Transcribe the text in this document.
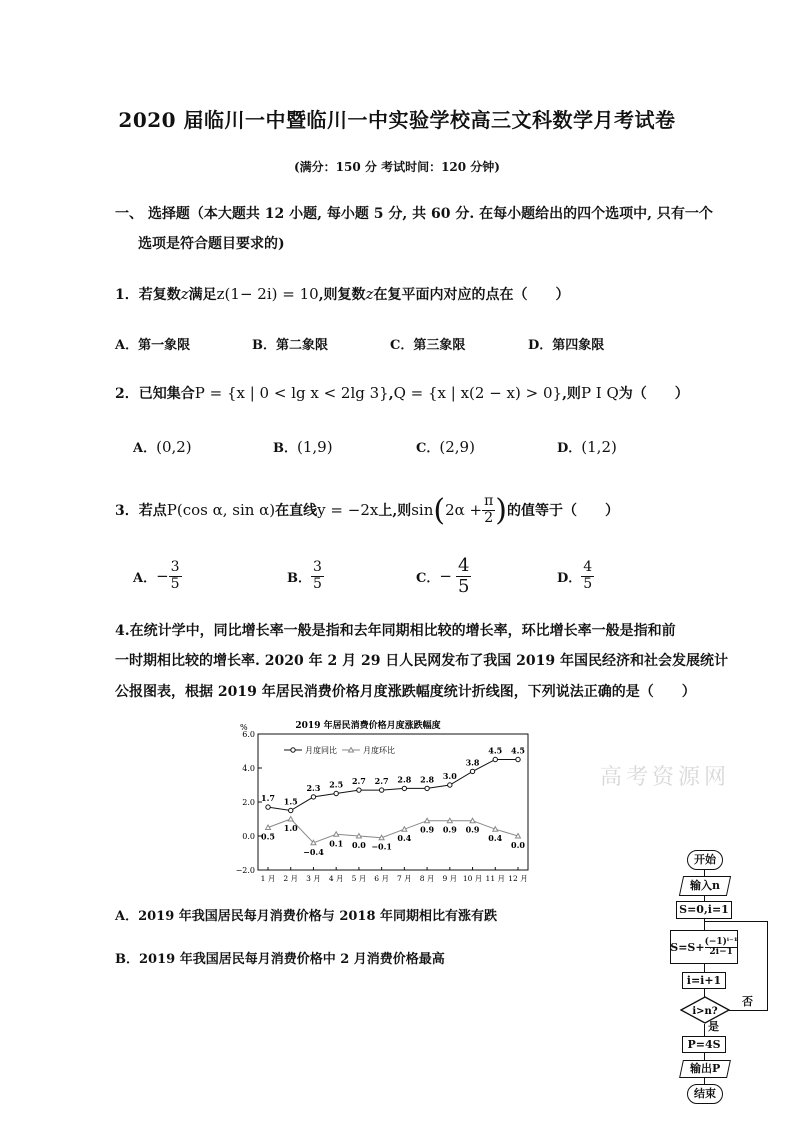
2020 届临川一中暨临川一中实验学校高三文科数学月考试卷
(满分：150 分 考试时间：120 分钟)
一、 选择题（本大题共 12 小题, 每小题 5 分, 共 60 分. 在每小题给出的四个选项中, 只有一个
选项是符合题目要求的)
1．若复数z满足z(1− 2i) = 10,则复数z在复平面内对应的点在（　　）
A．第一象限	B．第二象限	C．第三象限	D．第四象限
2．已知集合P = {x | 0 < lg x < 2lg 3},Q = {x | x(2 − x) > 0},则P I Q为（　　）
A．(0,2)	B．(1,9)	C．(2,9)	D．(1,2)
3．若点 P(cos α, sin α) 在直线 y = −2x 上,则 sin ( $2\alpha + \frac{\pi}{2}$ ) 的值等于（　　）
A． − $\frac{3}{5}$	B． $\frac{3}{5}$	C． − $\frac{4}{5}$	D． $\frac{4}{5}$
4.在统计学中，同比增长率一般是指和去年同期相比较的增长率，环比增长率一般是指和前
一时期相比较的增长率. 2020 年 2 月 29 日人民网发布了我国 2019 年国民经济和社会发展统计
公报图表，根据 2019 年居民消费价格月度涨跌幅度统计折线图，下列说法正确的是（　　）
2019 年居民消费价格月度涨跌幅度
%
6.0
4.0
2.0
0.0
−2.0
1 月 2 月 3 月 4 月 5 月 6 月 7 月 8 月 9 月 10 月 11 月 12 月
1.7 1.5
2.3 2.5 2.7 2.7 2.8 2.8 3.0
3.8
4.5 4.5
0.5
1.0
−0.4
0.1 0.0 −0.1
0.4
0.9 0.9 0.9
0.4
0.0
月度同比	月度环比
高考资源网
A．2019 年我国居民每月消费价格与 2018 年同期相比有涨有跌
B．2019 年我国居民每月消费价格中 2 月消费价格最高
开始
输入n
S=0,i=1
$S=S+ \frac{\text{(−1)ⁱ⁻¹}}{2i-1}$
i=i+1
i>n?
否
是
P=4S
输出P
结束
